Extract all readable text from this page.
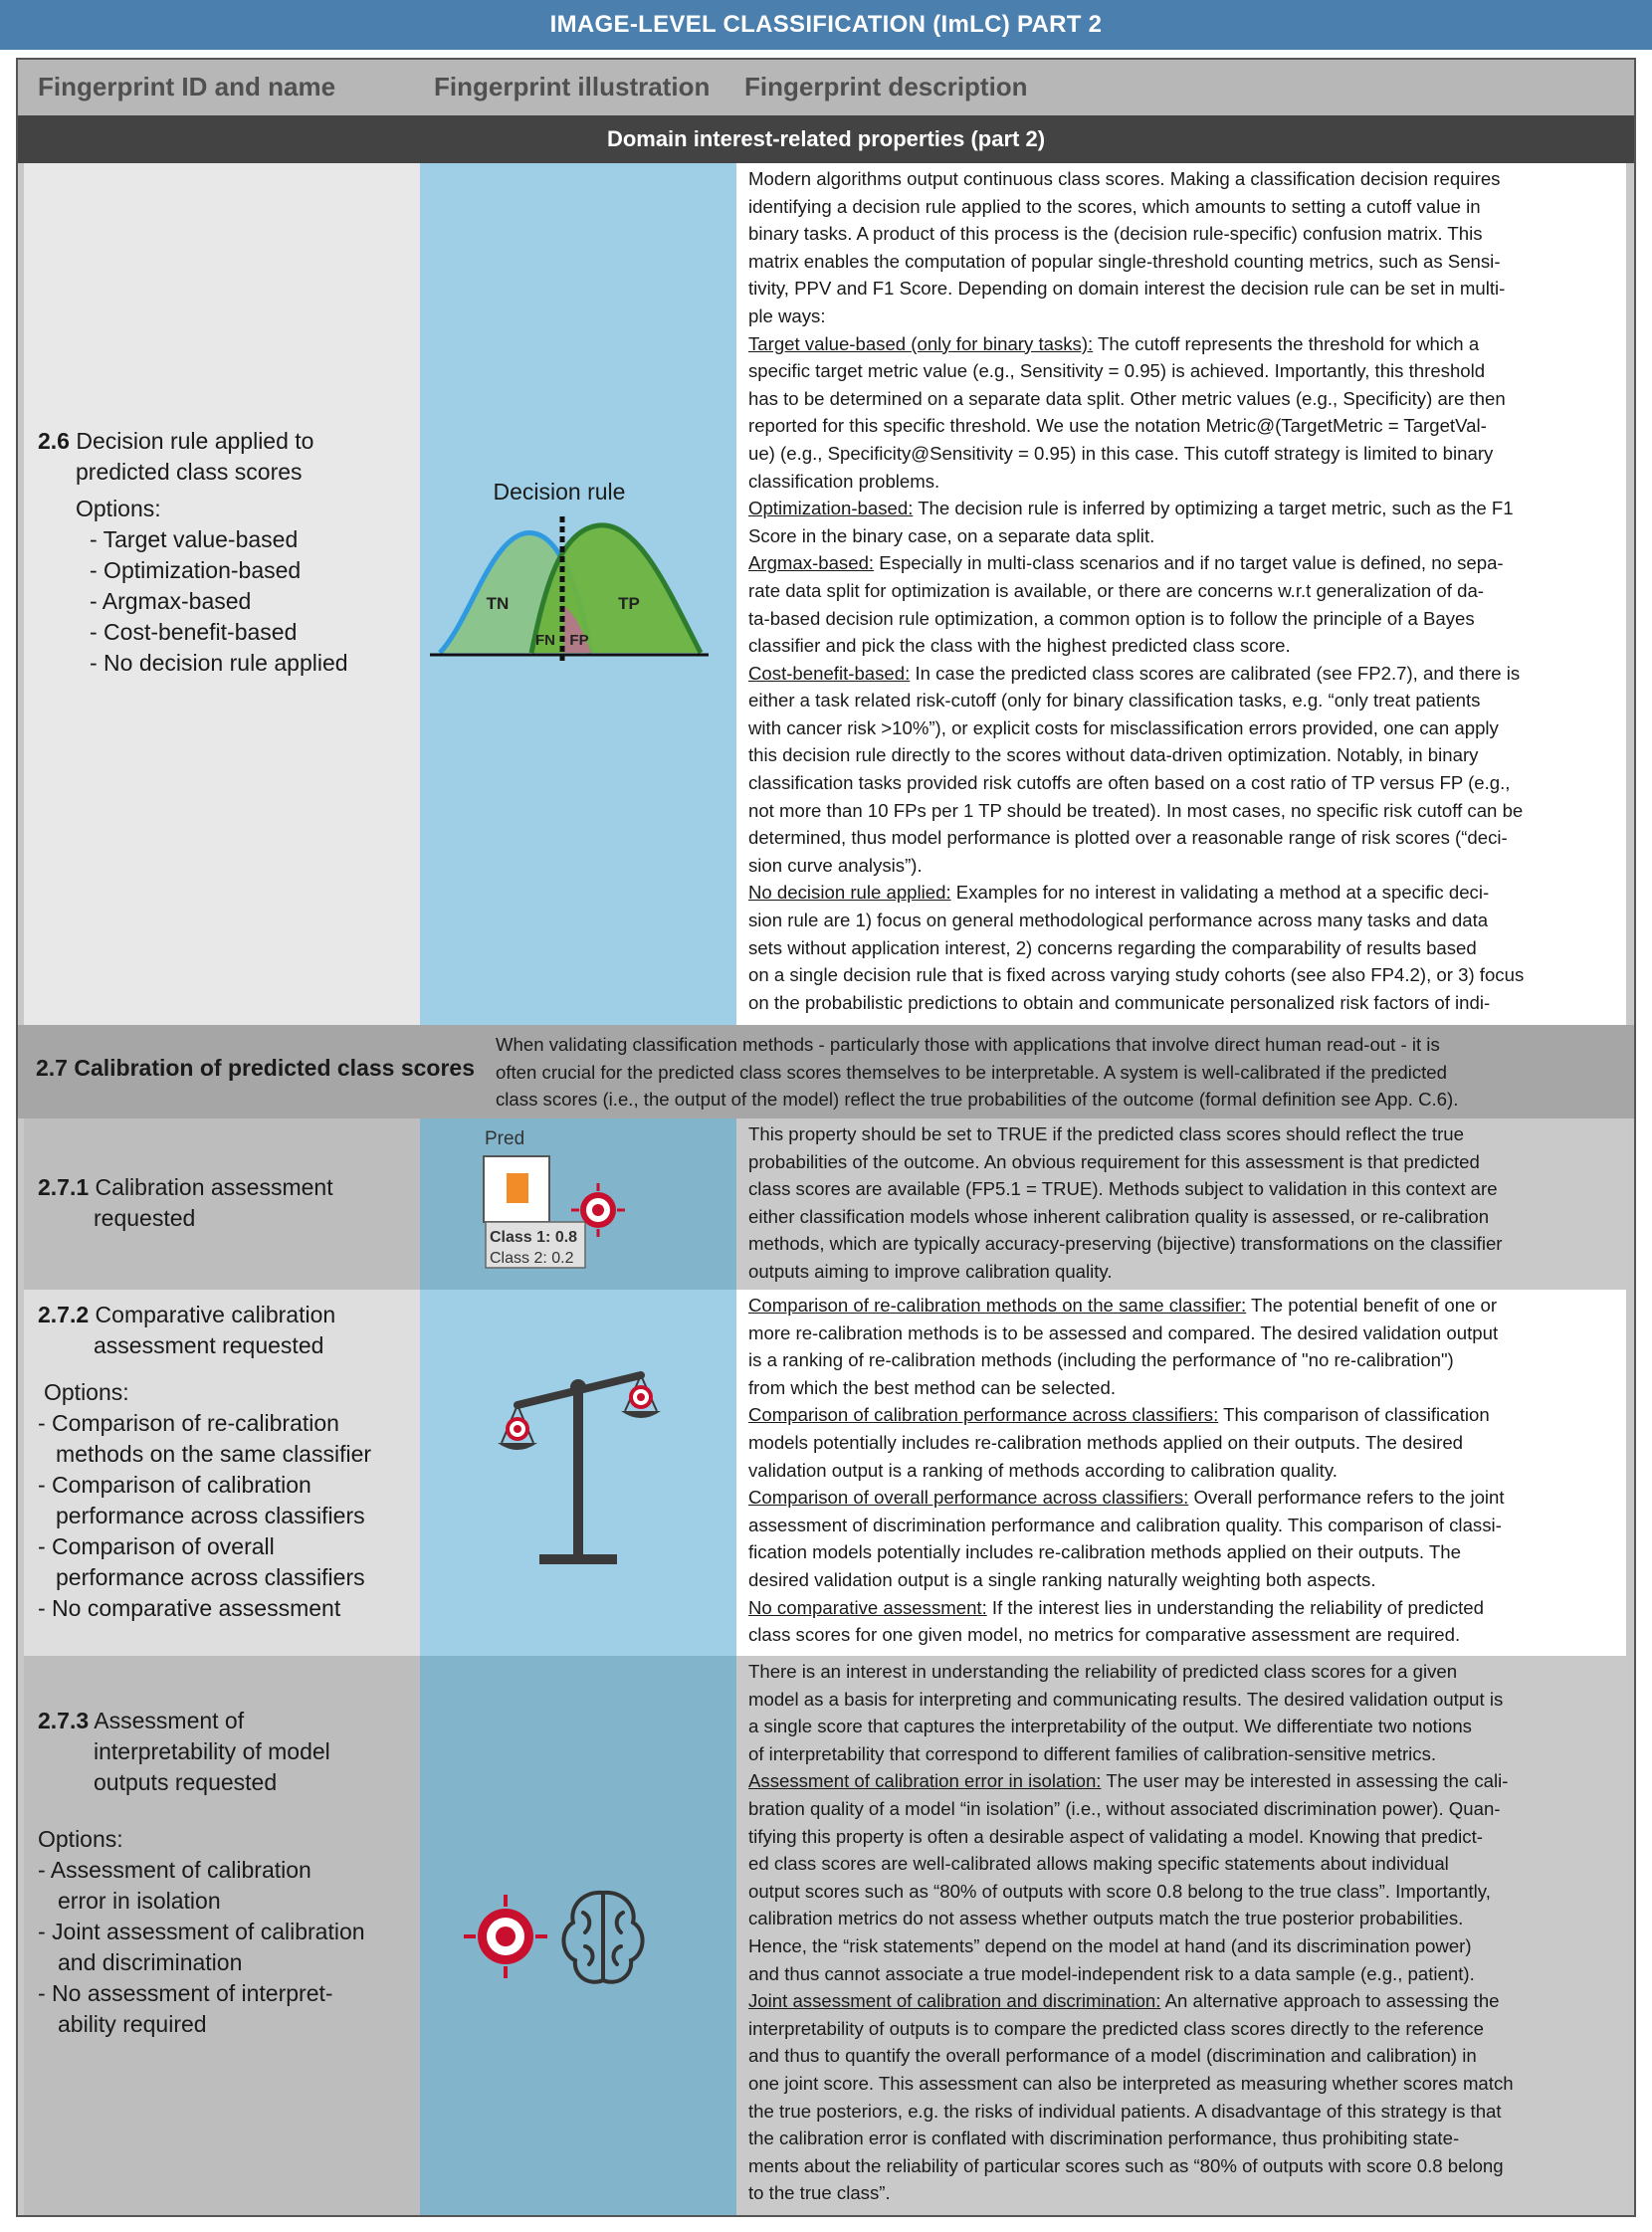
IMAGE-LEVEL CLASSIFICATION (ImLC) PART 2
Fingerprint ID and name	Fingerprint illustration Fingerprint description
Domain interest-related properties (part 2)
2.6 Decision rule applied to
predicted class scores
Options:
- Target value-based
- Optimization-based
- Argmax-based
- Cost-benefit-based
- No decision rule applied
Decision rule
TN	TP
FN FP
Modern algorithms output continuous class scores. Making a classification decision requires
identifying a decision rule applied to the scores, which amounts to setting a cutoff value in
binary tasks. A product of this process is the (decision rule-specific) confusion matrix. This
matrix enables the computation of popular single-threshold counting metrics, such as Sensi-
tivity, PPV and F1 Score. Depending on domain interest the decision rule can be set in multi-
ple ways:
Target value-based (only for binary tasks): The cutoff represents the threshold for which a
specific target metric value (e.g., Sensitivity = 0.95) is achieved. Importantly, this threshold
has to be determined on a separate data split. Other metric values (e.g., Specificity) are then
reported for this specific threshold. We use the notation Metric@(TargetMetric = TargetVal-
ue) (e.g., Specificity@Sensitivity = 0.95) in this case. This cutoff strategy is limited to binary
classification problems.
Optimization-based: The decision rule is inferred by optimizing a target metric, such as the F1
Score in the binary case, on a separate data split.
Argmax-based: Especially in multi-class scenarios and if no target value is defined, no sepa-
rate data split for optimization is available, or there are concerns w.r.t generalization of da-
ta-based decision rule optimization, a common option is to follow the principle of a Bayes
classifier and pick the class with the highest predicted class score.
Cost-benefit-based: In case the predicted class scores are calibrated (see FP2.7), and there is
either a task related risk-cutoff (only for binary classification tasks, e.g. “only treat patients
with cancer risk >10%”), or explicit costs for misclassification errors provided, one can apply
this decision rule directly to the scores without data-driven optimization. Notably, in binary
classification tasks provided risk cutoffs are often based on a cost ratio of TP versus FP (e.g.,
not more than 10 FPs per 1 TP should be treated). In most cases, no specific risk cutoff can be
determined, thus model performance is plotted over a reasonable range of risk scores (“deci-
sion curve analysis”).
No decision rule applied: Examples for no interest in validating a method at a specific deci-
sion rule are 1) focus on general methodological performance across many tasks and data
sets without application interest, 2) concerns regarding the comparability of results based
on a single decision rule that is fixed across varying study cohorts (see also FP4.2), or 3) focus
on the probabilistic predictions to obtain and communicate personalized risk factors of indi-
2.7 Calibration of predicted class scores
When validating classification methods - particularly those with applications that involve direct human read-out - it is
often crucial for the predicted class scores themselves to be interpretable. A system is well-calibrated if the predicted
class scores (i.e., the output of the model) reflect the true probabilities of the outcome (formal definition see App. C.6).
2.7.1 Calibration assessment
requested
Pred
Class 1: 0.8
Class 2: 0.2
This property should be set to TRUE if the predicted class scores should reflect the true
probabilities of the outcome. An obvious requirement for this assessment is that predicted
class scores are available (FP5.1 = TRUE). Methods subject to validation in this context are
either classification models whose inherent calibration quality is assessed, or re-calibration
methods, which are typically accuracy-preserving (bijective) transformations on the classifier
outputs aiming to improve calibration quality.
2.7.2 Comparative calibration
assessment requested
Options:
- Comparison of re-calibration
methods on the same classifier
- Comparison of calibration
performance across classifiers
- Comparison of overall
performance across classifiers
- No comparative assessment
Comparison of re-calibration methods on the same classifier: The potential benefit of one or
more re-calibration methods is to be assessed and compared. The desired validation output
is a ranking of re-calibration methods (including the performance of "no re-calibration")
from which the best method can be selected.
Comparison of calibration performance across classifiers: This comparison of classification
models potentially includes re-calibration methods applied on their outputs. The desired
validation output is a ranking of methods according to calibration quality.
Comparison of overall performance across classifiers: Overall performance refers to the joint
assessment of discrimination performance and calibration quality. This comparison of classi-
fication models potentially includes re-calibration methods applied on their outputs. The
desired validation output is a single ranking naturally weighting both aspects.
No comparative assessment: If the interest lies in understanding the reliability of predicted
class scores for one given model, no metrics for comparative assessment are required.
2.7.3 Assessment of
interpretability of model
outputs requested
Options:
- Assessment of calibration
error in isolation
- Joint assessment of calibration
and discrimination
- No assessment of interpret-
ability required
There is an interest in understanding the reliability of predicted class scores for a given
model as a basis for interpreting and communicating results. The desired validation output is
a single score that captures the interpretability of the output. We differentiate two notions
of interpretability that correspond to different families of calibration-sensitive metrics.
Assessment of calibration error in isolation: The user may be interested in assessing the cali-
bration quality of a model “in isolation” (i.e., without associated discrimination power). Quan-
tifying this property is often a desirable aspect of validating a model. Knowing that predict-
ed class scores are well-calibrated allows making specific statements about individual
output scores such as “80% of outputs with score 0.8 belong to the true class”. Importantly,
calibration metrics do not assess whether outputs match the true posterior probabilities.
Hence, the “risk statements” depend on the model at hand (and its discrimination power)
and thus cannot associate a true model-independent risk to a data sample (e.g., patient).
Joint assessment of calibration and discrimination: An alternative approach to assessing the
interpretability of outputs is to compare the predicted class scores directly to the reference
and thus to quantify the overall performance of a model (discrimination and calibration) in
one joint score. This assessment can also be interpreted as measuring whether scores match
the true posteriors, e.g. the risks of individual patients. A disadvantage of this strategy is that
the calibration error is conflated with discrimination performance, thus prohibiting state-
ments about the reliability of particular scores such as “80% of outputs with score 0.8 belong
to the true class”.
